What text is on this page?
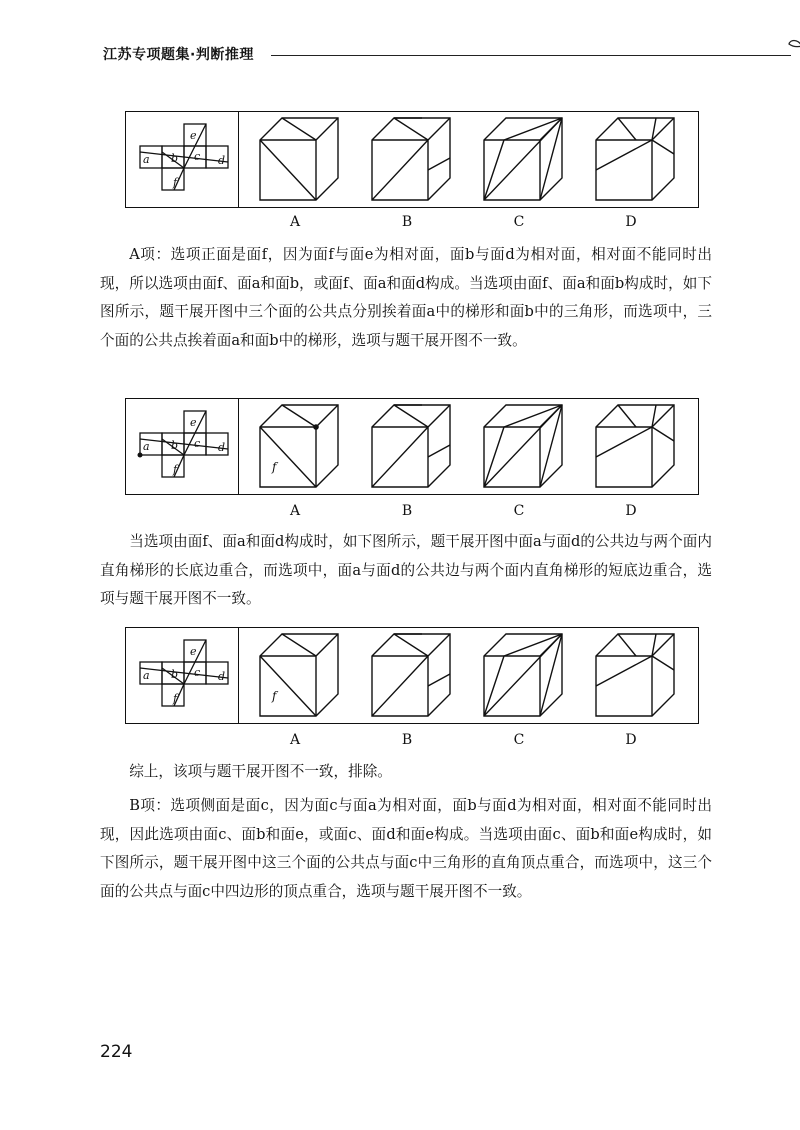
江苏专项题集·判断推理
e
a b c d
f
A	B	C	D

A项：选项正面是面f，因为面f与面e为相对面，面b与面d为相对面，相对面不能同时出现，所以选项由面f、面a和面b，或面f、面a和面d构成。当选项由面f、面a和面b构成时，如下图所示，题干展开图中三个面的公共点分别挨着面a中的梯形和面b中的三角形，而选项中，三个面的公共点挨着面a和面b中的梯形，选项与题干展开图不一致。

e
a b c d
f	f
A	B	C	D

当选项由面f、面a和面d构成时，如下图所示，题干展开图中面a与面d的公共边与两个面内直角梯形的长底边重合，而选项中，面a与面d的公共边与两个面内直角梯形的短底边重合，选项与题干展开图不一致。

e
a b c d
f	f
A	B	C	D

综上，该项与题干展开图不一致，排除。

B项：选项侧面是面c，因为面c与面a为相对面，面b与面d为相对面，相对面不能同时出现，因此选项由面c、面b和面e，或面c、面d和面e构成。当选项由面c、面b和面e构成时，如下图所示，题干展开图中这三个面的公共点与面c中三角形的直角顶点重合，而选项中，这三个面的公共点与面c中四边形的顶点重合，选项与题干展开图不一致。

224
